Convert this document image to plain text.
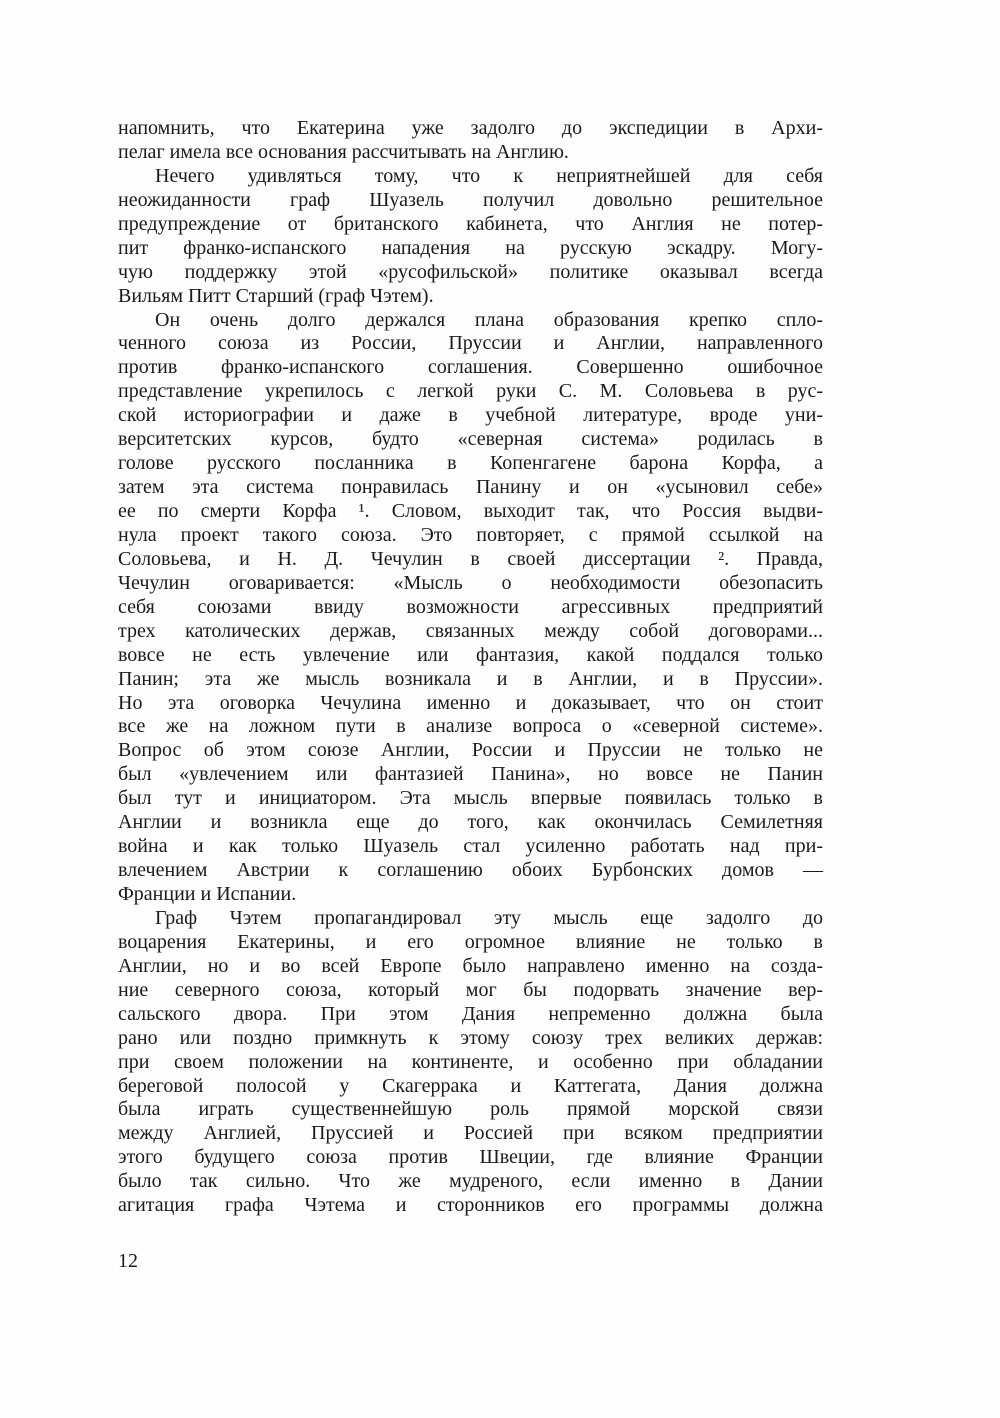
напомнить, что Екатерина уже задолго до экспедиции в Архи-
пелаг имела все основания рассчитывать на Англию.
Нечего удивляться тому, что к неприятнейшей для себя
неожиданности граф Шуазель получил довольно решительное
предупреждение от британского кабинета, что Англия не потер-
пит франко-испанского нападения на русскую эскадру. Могу-
чую поддержку этой «русофильской» политике оказывал всегда
Вильям Питт Старший (граф Чэтем).
Он очень долго держался плана образования крепко спло-
ченного союза из России, Пруссии и Англии, направленного
против франко-испанского соглашения. Совершенно ошибочное
представление укрепилось с легкой руки С. М. Соловьева в рус-
ской историографии и даже в учебной литературе, вроде уни-
верситетских курсов, будто «северная система» родилась в
голове русского посланника в Копенгагене барона Корфа, а
затем эта система понравилась Панину и он «усыновил себе»
ее по смерти Корфа ¹. Словом, выходит так, что Россия выдви-
нула проект такого союза. Это повторяет, с прямой ссылкой на
Соловьева, и Н. Д. Чечулин в своей диссертации ². Правда,
Чечулин оговаривается: «Мысль о необходимости обезопасить
себя союзами ввиду возможности агрессивных предприятий
трех католических держав, связанных между собой договорами...
вовсе не есть увлечение или фантазия, какой поддался только
Панин; эта же мысль возникала и в Англии, и в Пруссии».
Но эта оговорка Чечулина именно и доказывает, что он стоит
все же на ложном пути в анализе вопроса о «северной системе».
Вопрос об этом союзе Англии, России и Пруссии не только не
был «увлечением или фантазией Панина», но вовсе не Панин
был тут и инициатором. Эта мысль впервые появилась только в
Англии и возникла еще до того, как окончилась Семилетняя
война и как только Шуазель стал усиленно работать над при-
влечением Австрии к соглашению обоих Бурбонских домов —
Франции и Испании.
Граф Чэтем пропагандировал эту мысль еще задолго до
воцарения Екатерины, и его огромное влияние не только в
Англии, но и во всей Европе было направлено именно на созда-
ние северного союза, который мог бы подорвать значение вер-
сальского двора. При этом Дания непременно должна была
рано или поздно примкнуть к этому союзу трех великих держав:
при своем положении на континенте, и особенно при обладании
береговой полосой у Скагеррака и Каттегата, Дания должна
была играть существеннейшую роль прямой морской связи
между Англией, Пруссией и Россией при всяком предприятии
этого будущего союза против Швеции, где влияние Франции
было так сильно. Что же мудреного, если именно в Дании
агитация графа Чэтема и сторонников его программы должна
12
